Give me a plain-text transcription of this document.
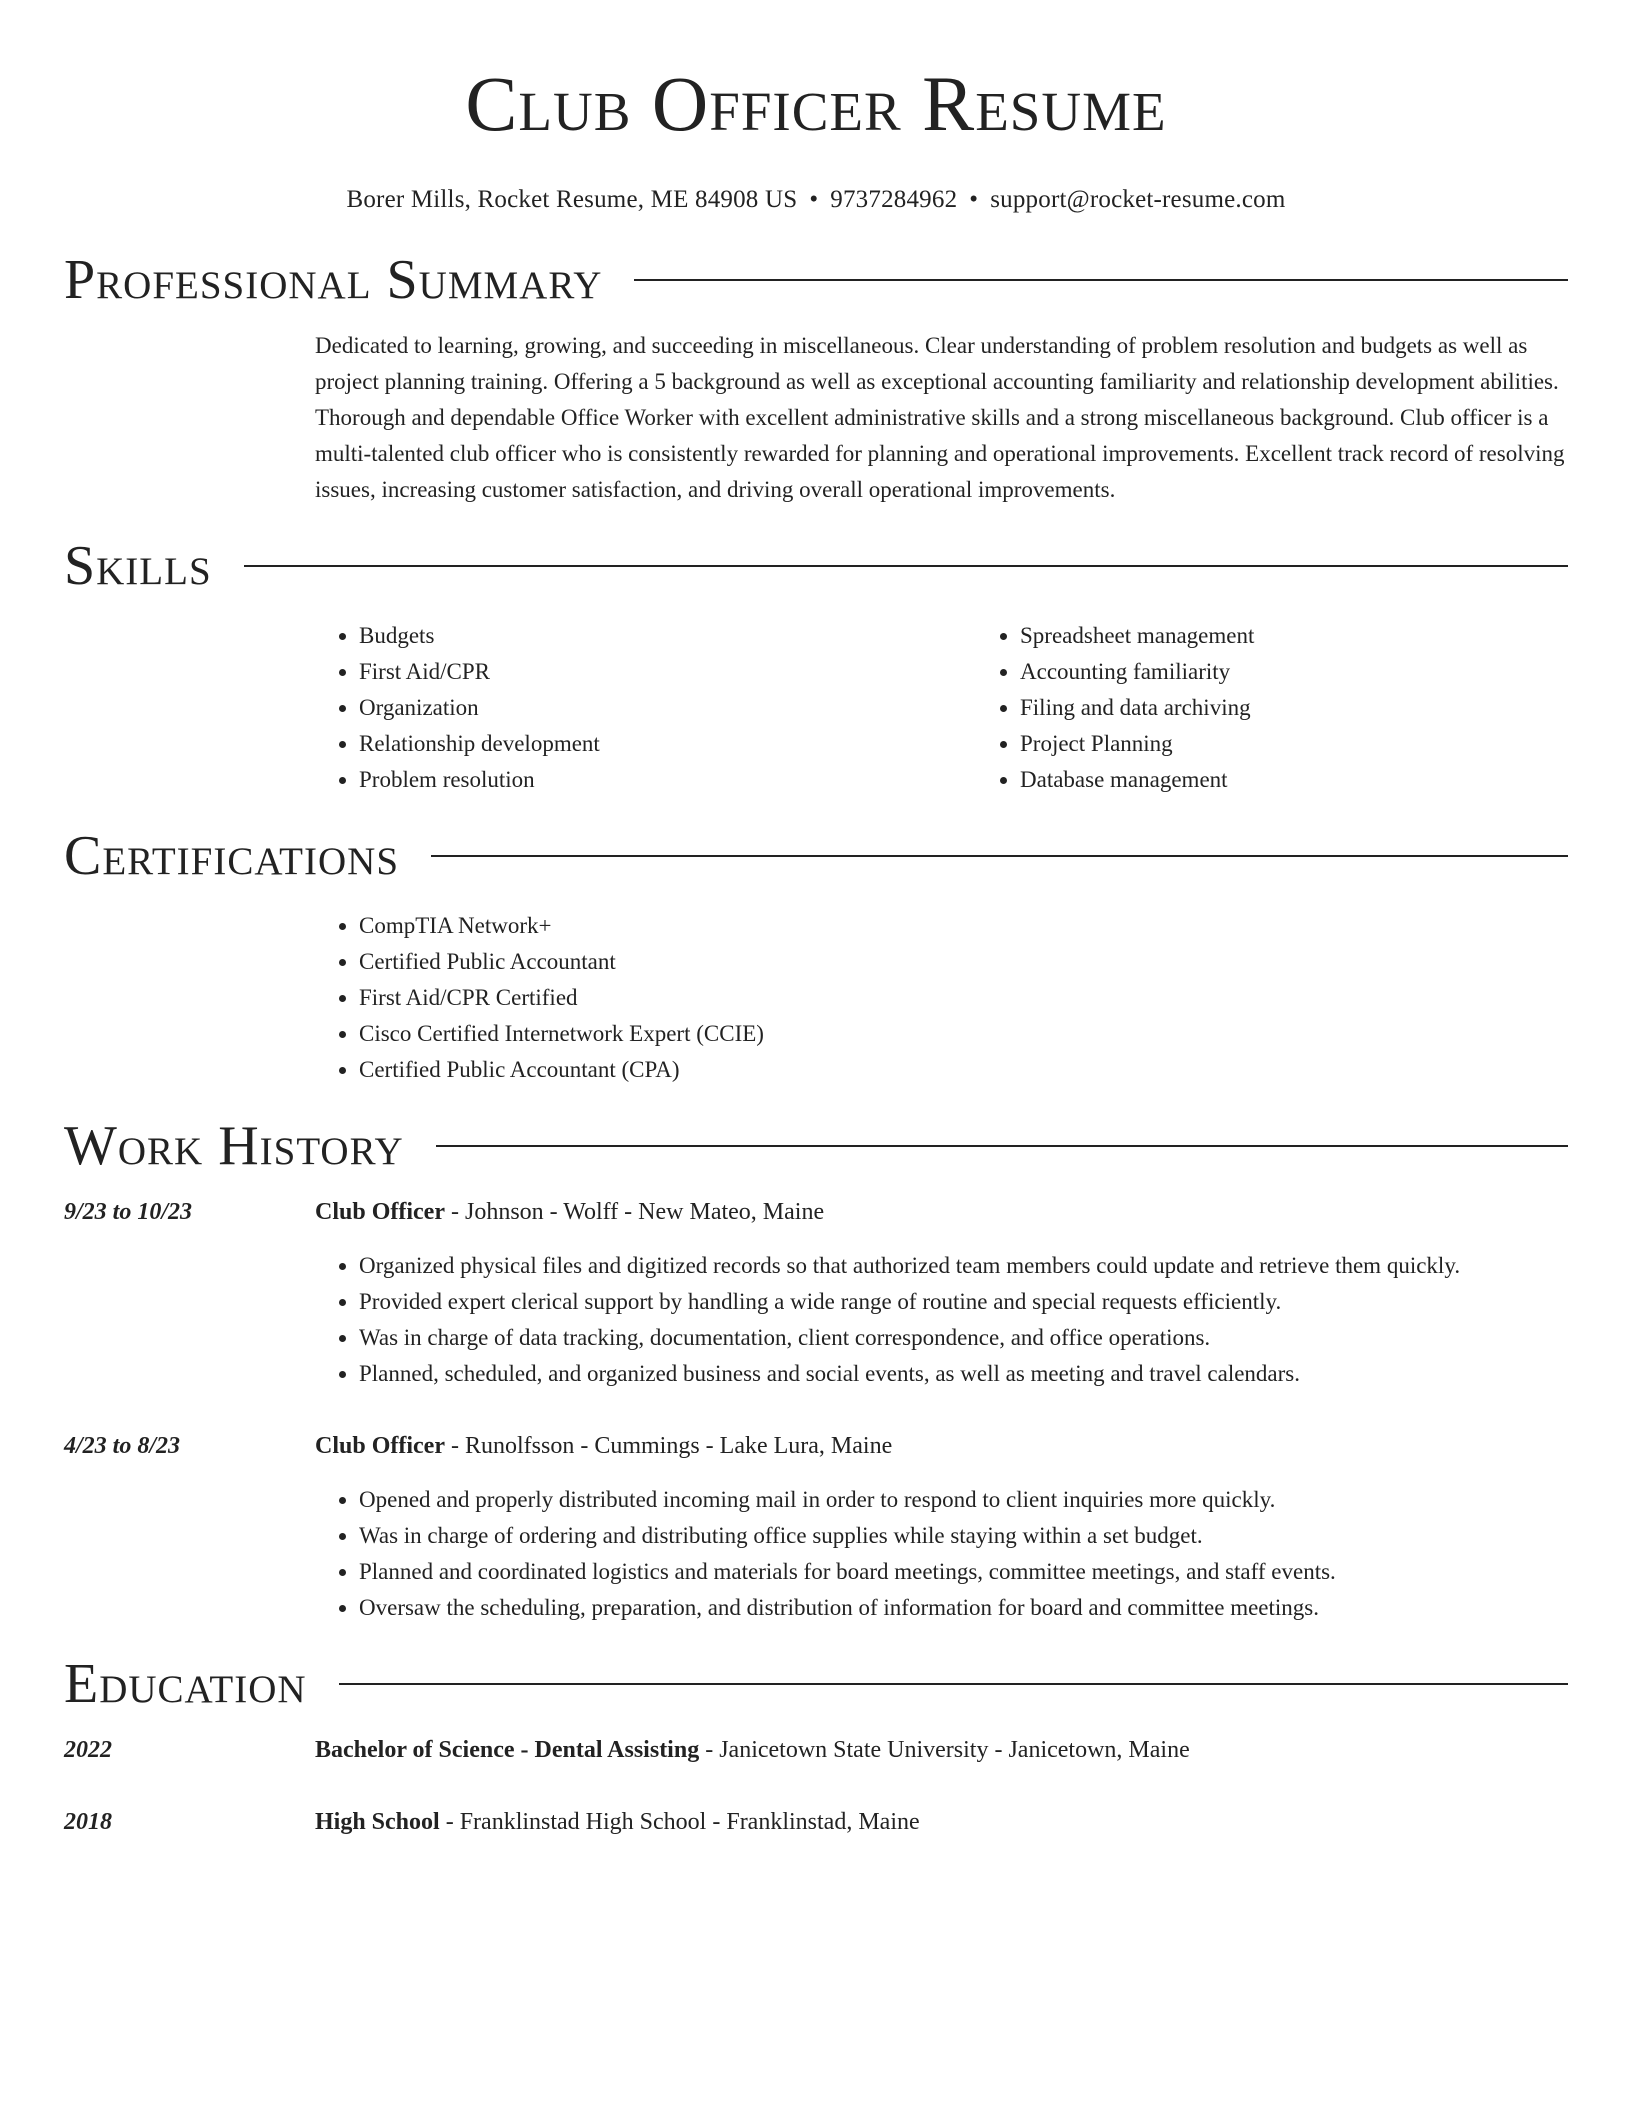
Club Officer Resume
Borer Mills, Rocket Resume, ME 84908 US • 9737284962 • support@rocket-resume.com
Professional Summary
Dedicated to learning, growing, and succeeding in miscellaneous. Clear understanding of problem resolution and budgets as well as project planning training. Offering a 5 background as well as exceptional accounting familiarity and relationship development abilities. Thorough and dependable Office Worker with excellent administrative skills and a strong miscellaneous background. Club officer is a multi-talented club officer who is consistently rewarded for planning and operational improvements. Excellent track record of resolving issues, increasing customer satisfaction, and driving overall operational improvements.
Skills
• Budgets
• First Aid/CPR
• Organization
• Relationship development
• Problem resolution
• Spreadsheet management
• Accounting familiarity
• Filing and data archiving
• Project Planning
• Database management
Certifications
• CompTIA Network+
• Certified Public Accountant
• First Aid/CPR Certified
• Cisco Certified Internetwork Expert (CCIE)
• Certified Public Accountant (CPA)
Work History
9/23 to 10/23	Club Officer - Johnson - Wolff - New Mateo, Maine
• Organized physical files and digitized records so that authorized team members could update and retrieve them quickly.
• Provided expert clerical support by handling a wide range of routine and special requests efficiently.
• Was in charge of data tracking, documentation, client correspondence, and office operations.
• Planned, scheduled, and organized business and social events, as well as meeting and travel calendars.
4/23 to 8/23	Club Officer - Runolfsson - Cummings - Lake Lura, Maine
• Opened and properly distributed incoming mail in order to respond to client inquiries more quickly.
• Was in charge of ordering and distributing office supplies while staying within a set budget.
• Planned and coordinated logistics and materials for board meetings, committee meetings, and staff events.
• Oversaw the scheduling, preparation, and distribution of information for board and committee meetings.
Education
2022	Bachelor of Science - Dental Assisting - Janicetown State University - Janicetown, Maine
2018	High School - Franklinstad High School - Franklinstad, Maine
